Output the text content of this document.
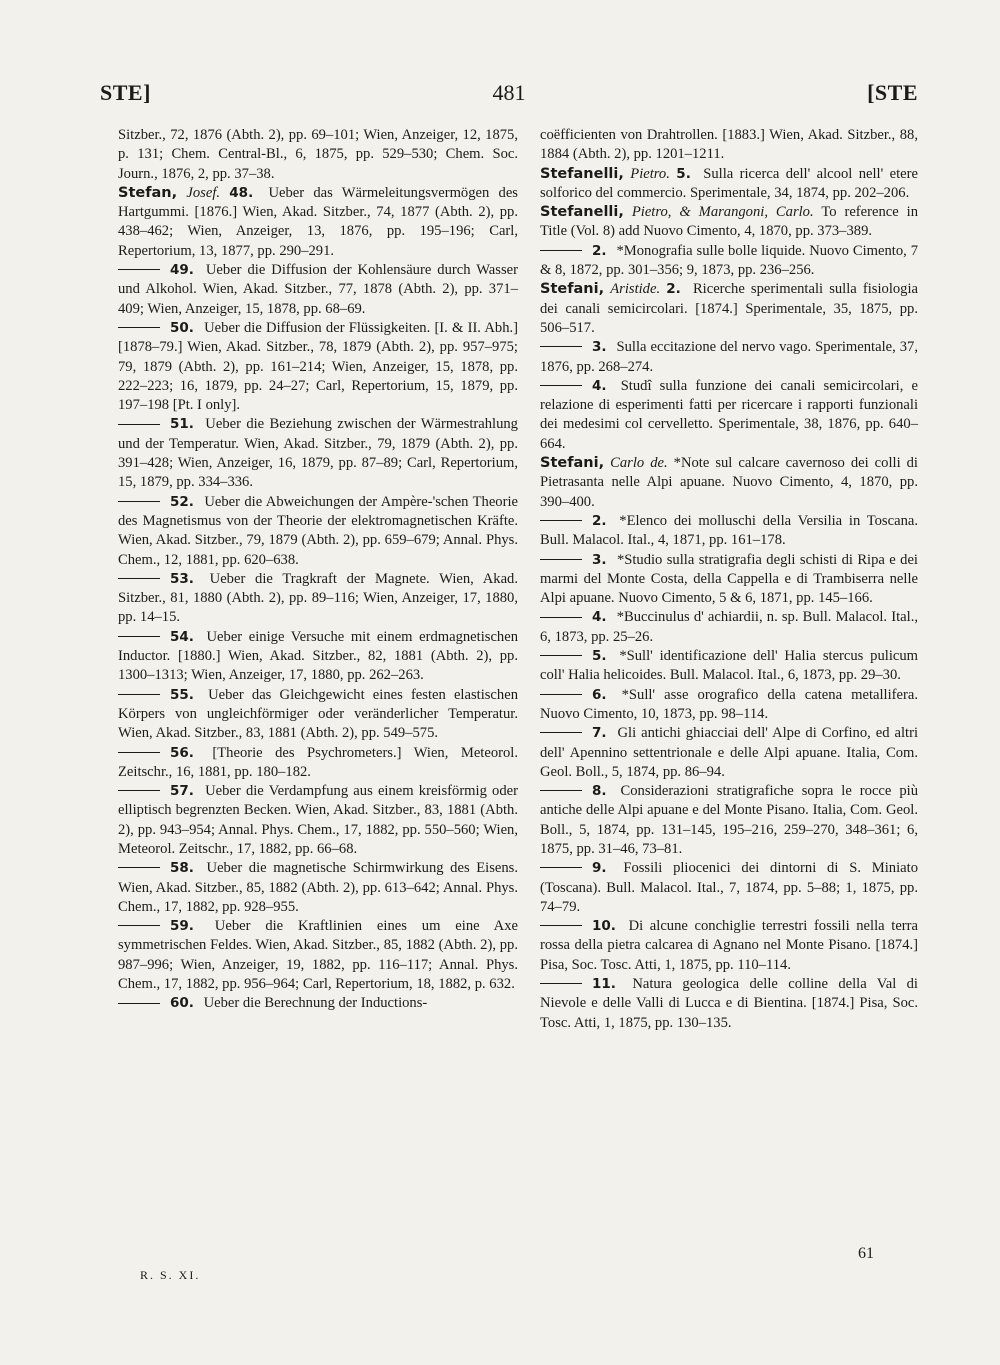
STE]	481	[STE

Sitzber., 72, 1876 (Abth. 2), pp. 69–101; Wien, Anzeiger, 12, 1875, p. 131; Chem. Central-Bl., 6, 1875, pp. 529–530; Chem. Soc. Journ., 1876, 2, pp. 37–38.

Stefan, Josef. 48. Ueber das Wärmeleitungsvermögen des Hartgummi. [1876.] Wien, Akad. Sitzber., 74, 1877 (Abth. 2), pp. 438–462; Wien, Anzeiger, 13, 1876, pp. 195–196; Carl, Repertorium, 13, 1877, pp. 290–291.

49. Ueber die Diffusion der Kohlensäure durch Wasser und Alkohol. Wien, Akad. Sitzber., 77, 1878 (Abth. 2), pp. 371–409; Wien, Anzeiger, 15, 1878, pp. 68–69.

50. Ueber die Diffusion der Flüssigkeiten. [I. & II. Abh.] [1878–79.] Wien, Akad. Sitzber., 78, 1879 (Abth. 2), pp. 957–975; 79, 1879 (Abth. 2), pp. 161–214; Wien, Anzeiger, 15, 1878, pp. 222–223; 16, 1879, pp. 24–27; Carl, Repertorium, 15, 1879, pp. 197–198 [Pt. I only].

51. Ueber die Beziehung zwischen der Wärmestrahlung und der Temperatur. Wien, Akad. Sitzber., 79, 1879 (Abth. 2), pp. 391–428; Wien, Anzeiger, 16, 1879, pp. 87–89; Carl, Repertorium, 15, 1879, pp. 334–336.

52. Ueber die Abweichungen der Ampère-'schen Theorie des Magnetismus von der Theorie der elektromagnetischen Kräfte. Wien, Akad. Sitzber., 79, 1879 (Abth. 2), pp. 659–679; Annal. Phys. Chem., 12, 1881, pp. 620–638.

53. Ueber die Tragkraft der Magnete. Wien, Akad. Sitzber., 81, 1880 (Abth. 2), pp. 89–116; Wien, Anzeiger, 17, 1880, pp. 14–15.

54. Ueber einige Versuche mit einem erdmagnetischen Inductor. [1880.] Wien, Akad. Sitzber., 82, 1881 (Abth. 2), pp. 1300–1313; Wien, Anzeiger, 17, 1880, pp. 262–263.

55. Ueber das Gleichgewicht eines festen elastischen Körpers von ungleichförmiger oder veränderlicher Temperatur. Wien, Akad. Sitzber., 83, 1881 (Abth. 2), pp. 549–575.

56. [Theorie des Psychrometers.] Wien, Meteorol. Zeitschr., 16, 1881, pp. 180–182.

57. Ueber die Verdampfung aus einem kreisförmig oder elliptisch begrenzten Becken. Wien, Akad. Sitzber., 83, 1881 (Abth. 2), pp. 943–954; Annal. Phys. Chem., 17, 1882, pp. 550–560; Wien, Meteorol. Zeitschr., 17, 1882, pp. 66–68.

58. Ueber die magnetische Schirmwirkung des Eisens. Wien, Akad. Sitzber., 85, 1882 (Abth. 2), pp. 613–642; Annal. Phys. Chem., 17, 1882, pp. 928–955.

59. Ueber die Kraftlinien eines um eine Axe symmetrischen Feldes. Wien, Akad. Sitzber., 85, 1882 (Abth. 2), pp. 987–996; Wien, Anzeiger, 19, 1882, pp. 116–117; Annal. Phys. Chem., 17, 1882, pp. 956–964; Carl, Repertorium, 18, 1882, p. 632.

60. Ueber die Berechnung der Inductions-

coëfficienten von Drahtrollen. [1883.] Wien, Akad. Sitzber., 88, 1884 (Abth. 2), pp. 1201–1211.

Stefanelli, Pietro. 5. Sulla ricerca dell' alcool nell' etere solforico del commercio. Sperimentale, 34, 1874, pp. 202–206.

Stefanelli, Pietro, & Marangoni, Carlo. To reference in Title (Vol. 8) add Nuovo Cimento, 4, 1870, pp. 373–389.

2. *Monografia sulle bolle liquide. Nuovo Cimento, 7 & 8, 1872, pp. 301–356; 9, 1873, pp. 236–256.

Stefani, Aristide. 2. Ricerche sperimentali sulla fisiologia dei canali semicircolari. [1874.] Sperimentale, 35, 1875, pp. 506–517.

3. Sulla eccitazione del nervo vago. Sperimentale, 37, 1876, pp. 268–274.

4. Studî sulla funzione dei canali semicircolari, e relazione di esperimenti fatti per ricercare i rapporti funzionali dei medesimi col cervelletto. Sperimentale, 38, 1876, pp. 640–664.

Stefani, Carlo de. *Note sul calcare cavernoso dei colli di Pietrasanta nelle Alpi apuane. Nuovo Cimento, 4, 1870, pp. 390–400.

2. *Elenco dei molluschi della Versilia in Toscana. Bull. Malacol. Ital., 4, 1871, pp. 161–178.

3. *Studio sulla stratigrafia degli schisti di Ripa e dei marmi del Monte Costa, della Cappella e di Trambiserra nelle Alpi apuane. Nuovo Cimento, 5 & 6, 1871, pp. 145–166.

4. *Buccinulus d' achiardii, n. sp. Bull. Malacol. Ital., 6, 1873, pp. 25–26.

5. *Sull' identificazione dell' Halia stercus pulicum coll' Halia helicoides. Bull. Malacol. Ital., 6, 1873, pp. 29–30.

6. *Sull' asse orografico della catena metallifera. Nuovo Cimento, 10, 1873, pp. 98–114.

7. Gli antichi ghiacciai dell' Alpe di Corfino, ed altri dell' Apennino settentrionale e delle Alpi apuane. Italia, Com. Geol. Boll., 5, 1874, pp. 86–94.

8. Considerazioni stratigrafiche sopra le rocce più antiche delle Alpi apuane e del Monte Pisano. Italia, Com. Geol. Boll., 5, 1874, pp. 131–145, 195–216, 259–270, 348–361; 6, 1875, pp. 31–46, 73–81.

9. Fossili pliocenici dei dintorni di S. Miniato (Toscana). Bull. Malacol. Ital., 7, 1874, pp. 5–88; 1, 1875, pp. 74–79.

10. Di alcune conchiglie terrestri fossili nella terra rossa della pietra calcarea di Agnano nel Monte Pisano. [1874.] Pisa, Soc. Tosc. Atti, 1, 1875, pp. 110–114.

11. Natura geologica delle colline della Val di Nievole e delle Valli di Lucca e di Bientina. [1874.] Pisa, Soc. Tosc. Atti, 1, 1875, pp. 130–135.

R. S. XI.
61
